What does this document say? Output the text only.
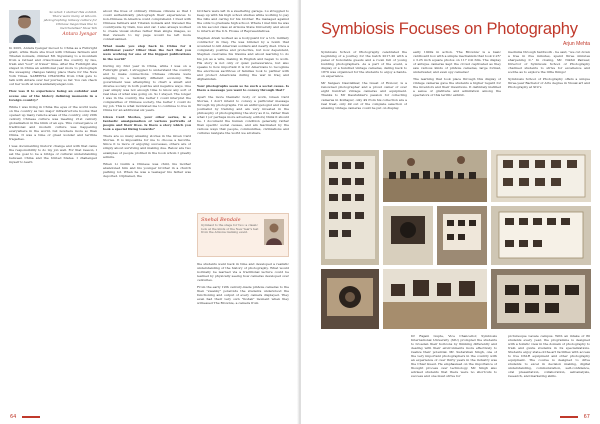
So what: I started this exhibit. There were many at Ghoom. photographing railway culture for Chinese magazines like to merchandise? Slow Yeh
Antara Iyengar

In 2005, Antara Iyengar moved to China as a Fulbright grant, while there she lived with Chinese farmers and Tibetan nomads, climbed Mt. Siguniang to a mountain from a retreat and crisscrossed the country by bus, train and "lost" of travel" time. After the Fulbright she stayed in China an additional year more to photograph the sweeping changes taking place there for the New York Times. SABEEHA CHANDRA from Chik gets to talk with Antara over her journey so far. You can check out her work at www.antaraiiyengar.com.

How was it to experience being an outsider and scene one of the history defining moments in a foreign country?

While I was living in China the eyes of the world were on the country as two major infrastructure booms that opened up many remote areas of the country, only 20th century Chinese culture was meeting 21st century globalization in the blink of an eye. This convergence of traditional and modern culture was happening everywhere in the world, but nowhere more so than China. It was a time of great wonder and terrible tragedies.

I was documenting historic change and with that came the responsibility to do my job well. For that reason, I set the goal to be a bridge of cultural understanding between China and the United States. I challenged myself to learn

about the lives of ordinary Chinese citizens so that I could authentically photograph their experiences to non-Chinese in America could comprehend. I lived with Chinese farmers and Tibetan nomads and traveled the countryside by train, bus and car. I also always worked to create visual stories rather than single images, so that viewers to my page would be left more contextualized.

What made you step back in China for 4 additional years? Other than the fact that you were working for one of the biggest publications in the world?

During my first year in China, while I was on a Fulbright grant, I struggled to understand the country and to make connections. Chinese citizens were adapting to a radically different economy. The government was attempting to chart a smart and diverse society in both positive and negative ways. One year simply was not enough time to know any sort of real idea of what was going on. So I stayed. The longer I was in the country, the better I could interpret the complexities of Chinese society, the better I could do my job. This is what motivated me to continue to live in China for an additional six years.

Given Card Stories, your other series, is a fantastic amalgamation of various portraits of people and their lives. Is there a story which you took a special liking towards?

There are so many amazing stories in the Given Card Stories. It is impossible for me to choose a favorite. Since it is more of enjoying successes, others are of simply about surviving and making due. Below are two examples of people profiled in the book whom I greatly admire.

When Li Guilin a Chinese was child, his mother abandoned him and his younger brother in a church parking lot. When he was a teenager his father was deported. Orphaned, the

brothers were left in a sweltering garage. Lu struggled to keep up with his high school studies while working to pay the bills and caring for his brother. He managed against the odds to graduate high school. Where I met him he was on his second class at Arizona State University and about to intern at the U.S. House of Representatives.

Stephen Alvah worked as a bodyguard for a U.S. military contractor in Iraq. He was blinded by a bomb that wounded to kill American soldiers and nearly died. Once a completely positive and protective, but now dependent, Stephen overcame his trauma and about learning to do his job as a wife, making in English and began to work. His story is not only of quiet perseverance, but also speaks to how important it is for Americans to recognize the enormous sacrifices of families took to partner with and protect Americans during the war in Iraq and Afghanistan.

Your photographs seem so be such a social cause. Is there a message you want to convey through that?

Apart the more thematic body of work, Green Card Stories, I don't intend to convey a particular message through my photographs. I'm an anthropologist and visual journalist by training and am very invested in the philosophy of photographing the story as it is, rather than what I (or perhaps more adversely, editors) think it should be. I document the human condition generally, rather than specific social causes, and am fascinated by the various ways that people, communities, civilizations and cultures navigate the world we all share.

Snehal Bendale
Gymnast to the stage for two: a classic look at the kinds of the New Year's fest from the Arizona Gaming event.
64
Symbiosis Focuses on Photography
Arjun Mehta

Symbiosis School of Photography celebrated the beginning of a journey for the batch 2017-20 with a panel of honorable guests and a room full of young budding photographers. As a part of the event, a display of a hundred vintage cameras, dating back to 1879 was organized for the students to enjoy a hands-on experience.

Mr Sanjeev Dasvishkar, the Guest of Honour, is a renowned photographer and a proud owner of over eight hundred vintage cameras and equipment. Thanks to Mr Dasvishkar's passion for collecting cameras in Kolhapur, only 49 from his collection are a real treat, only 49 out of the complete selection of amazing vintage cameras could be put on display.

early 1900s in action. 'The Brownie' is a basic cardboard box with a simple mechanism that took 2.25" x 3.25 inch square photos on 117 roll film. The display of antique cameras kept the crowd captivated as they saw various kinds of pinhole cameras, large format, underwater, and even spy cameras!

The learning that took place through this display of vintage cameras gave the students a higher regard for the inventors and their inventions. It definitely instilled a sense of gratitude and admiration among the spectators of this terrific exhibit.

mediums through hardwork - he said, "we cut down a tree in five minutes, spend three minutes sharpening it." In closing, Mr. Nikhil Panwar, Director of Symbiosis School of Photography charmed students to strive for excellence and soothe as to explore the little things!

Symbiosis School of Photography offers a unique three-year Bachelor of Arts degree in Visual art and Photography at SIU's

67

the students went back in time and developed a realistic understanding of the history of photography. What would normally be learned via a traditional lecture could be learned by physically seeing how cameras developed over centuries.

From the early 19th century-made pinhole cameras to the then "swanky" polaroids the students understood the functioning and output of every camera displayed. They even had their very own "Kodak" moment when they witnessed The Brownie, a camera from

Dr Rajani Gupte, Vice Chancellor, Symbiosis International University (SIU) prompted the students to broaden their horizons by thinking differently and dealing with their environments more effectively to realize their potential. Mr. Sudarshan Singh, one of the very important photographers in the country with an experience of over thirty years in the industry was the Chief Guest. He emphasised on the importance of thought process over technology. Mr. Singh also advised students that there were no shortcuts to success and one must strive for

picturesque Lavale campus. With an intake of 80 students every year, the programme is designed with a holistic view in the domain of photography to train and guide students in its specializations. Students enjoy state-of-the-art facilities with access to live DSLR equipment and other photography equipment. The course is designed to drive students to excel in decision making, digital understanding, communication, self-confidence, oral presentation, collaboration, self-analysis, research, and marketing skills.
